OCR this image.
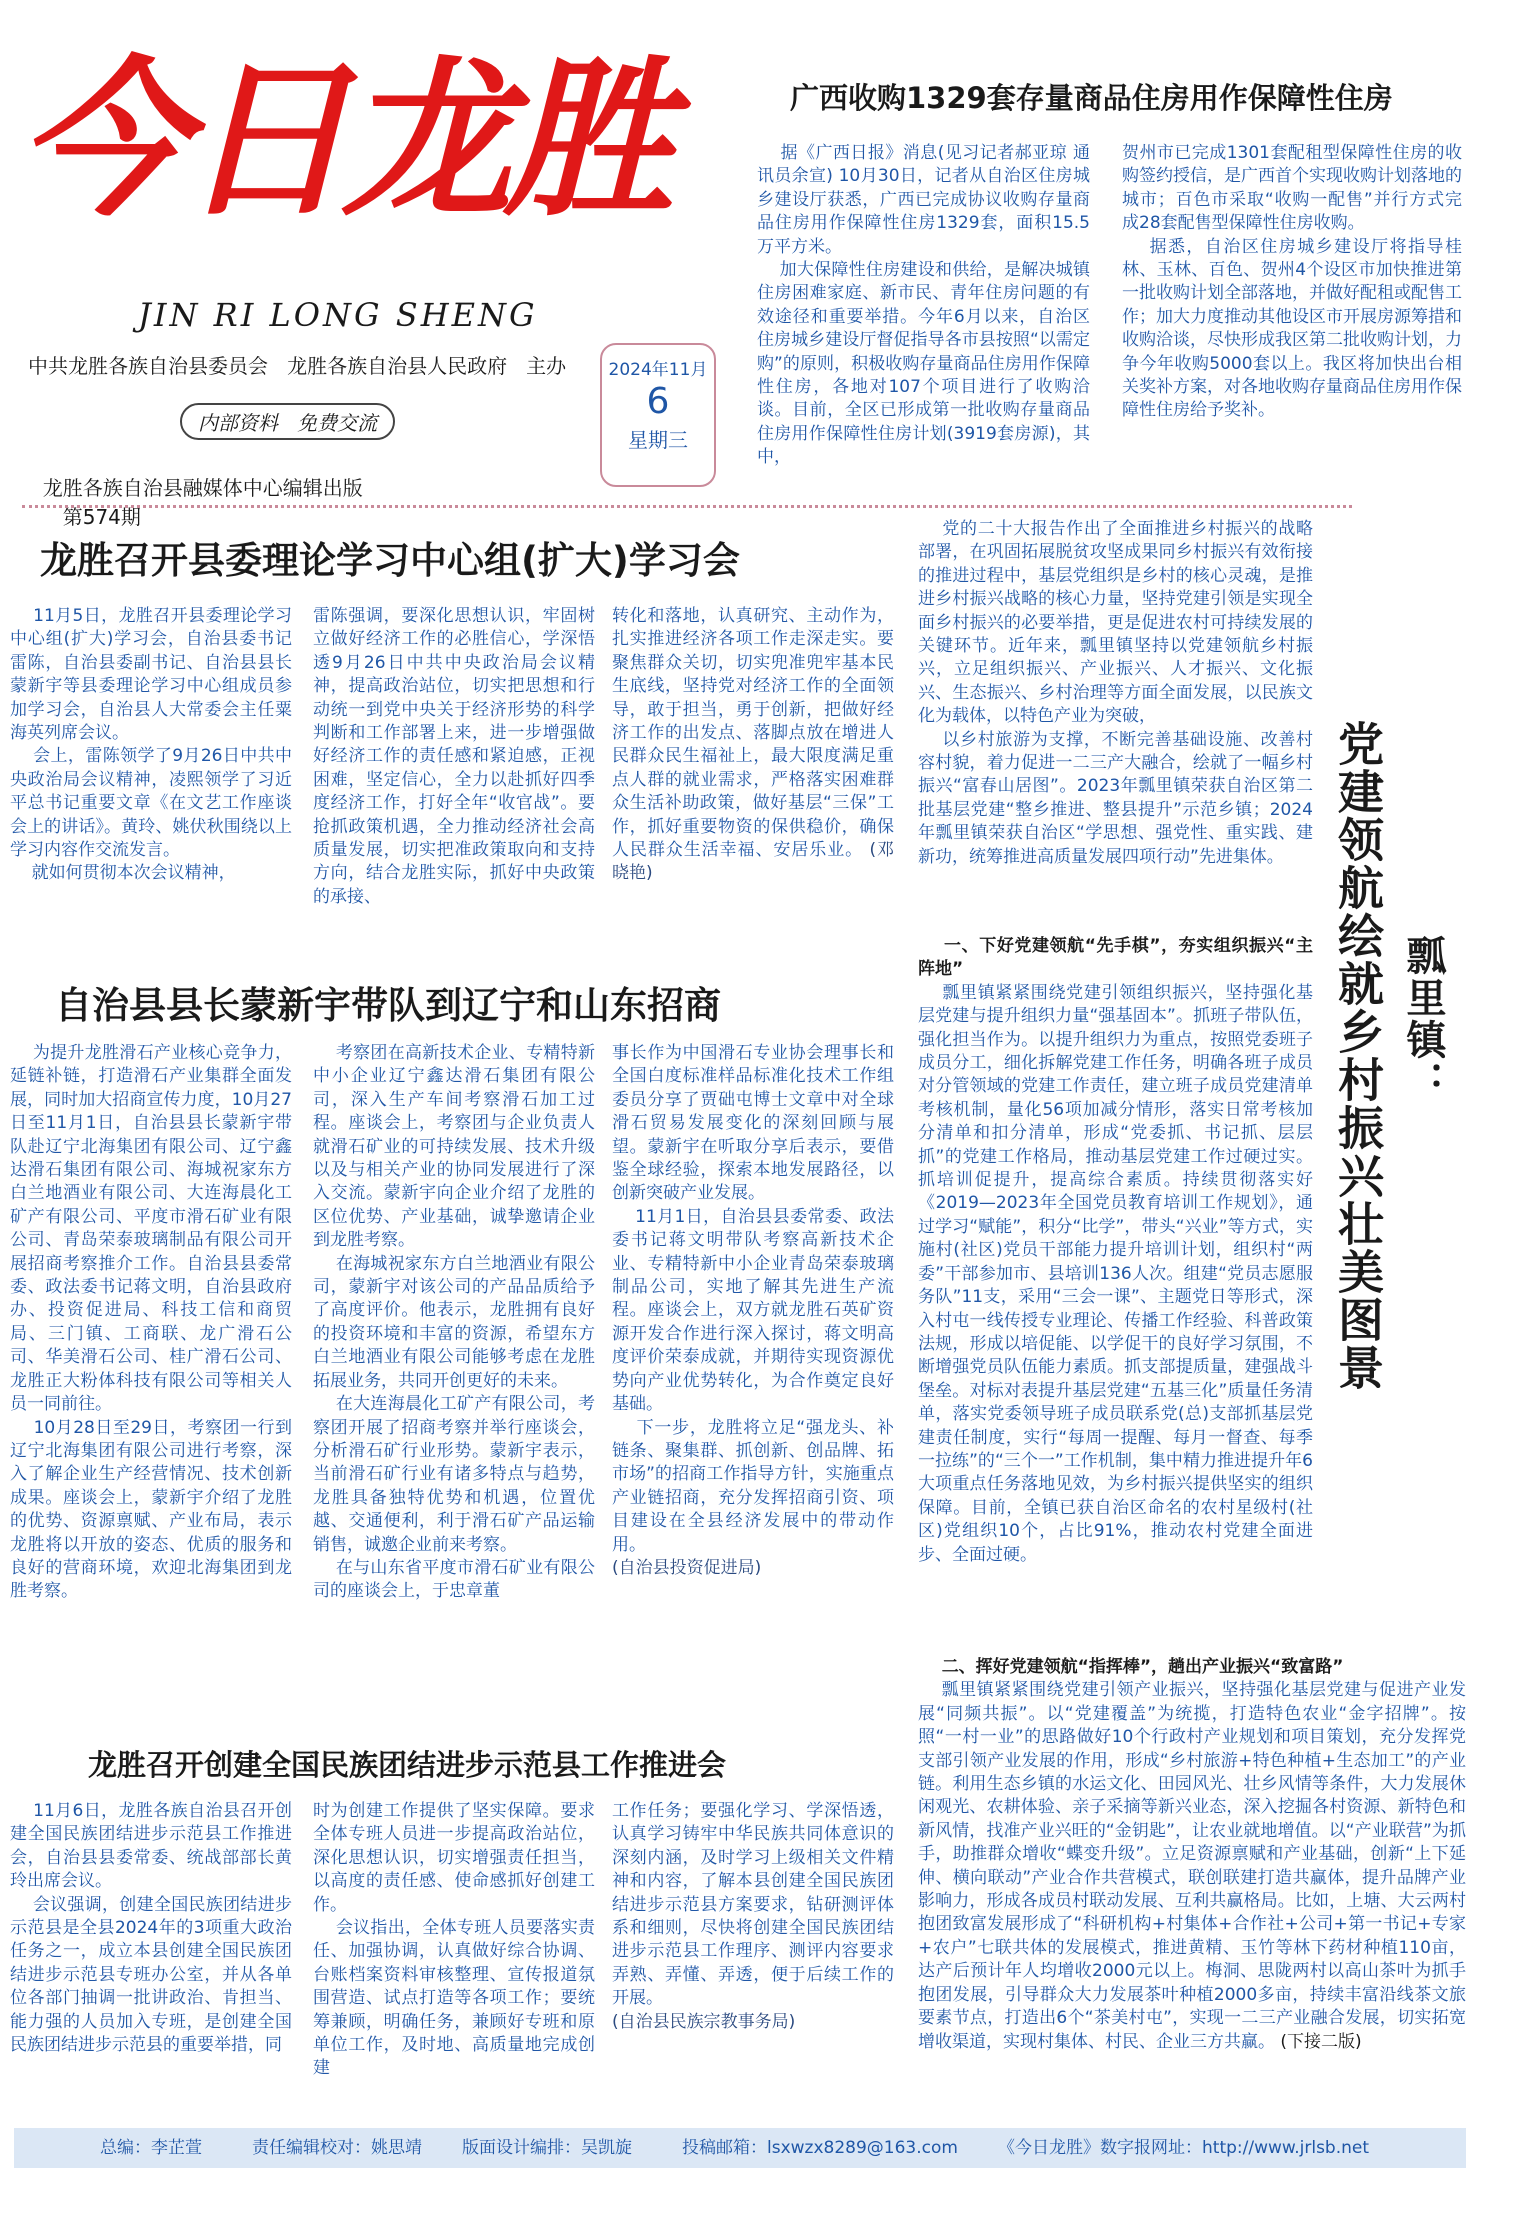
今日龙胜
JIN RI LONG SHENG
中共龙胜各族自治县委员会   龙胜各族自治县人民政府   主办
内部资料   免费交流

龙胜各族自治县融媒体中心编辑出版
第574期

2024年11月
6
星期三
广西收购1329套存量商品住房用作保障性住房
据《广西日报》消息(见习记者郝亚琼 通讯员余宣) 10月30日，记者从自治区住房城乡建设厅获悉，广西已完成协议收购存量商品住房用作保障性住房1329套，面积15.5万平方米。
加大保障性住房建设和供给，是解决城镇住房困难家庭、新市民、青年住房问题的有效途径和重要举措。今年6月以来，自治区住房城乡建设厅督促指导各市县按照“以需定购”的原则，积极收购存量商品住房用作保障性住房，各地对107个项目进行了收购洽谈。目前，全区已形成第一批收购存量商品住房用作保障性住房计划(3919套房源)，其中，
贺州市已完成1301套配租型保障性住房的收购签约授信，是广西首个实现收购计划落地的城市；百色市采取“收购一配售”并行方式完成28套配售型保障性住房收购。
据悉，自治区住房城乡建设厅将指导桂林、玉林、百色、贺州4个设区市加快推进第一批收购计划全部落地，并做好配租或配售工作；加大力度推动其他设区市开展房源筹措和收购洽谈，尽快形成我区第二批收购计划，力争今年收购5000套以上。我区将加快出台相关奖补方案，对各地收购存量商品住房用作保障性住房给予奖补。
龙胜召开县委理论学习中心组(扩大)学习会
11月5日，龙胜召开县委理论学习中心组(扩大)学习会，自治县委书记雷陈，自治县委副书记、自治县县长蒙新宇等县委理论学习中心组成员参加学习会，自治县人大常委会主任粟海英列席会议。
会上，雷陈领学了9月26日中共中央政治局会议精神，凌熙领学了习近平总书记重要文章《在文艺工作座谈会上的讲话》。黄玲、姚伏秋围绕以上学习内容作交流发言。
就如何贯彻本次会议精神，
雷陈强调，要深化思想认识，牢固树立做好经济工作的必胜信心，学深悟透9月26日中共中央政治局会议精神，提高政治站位，切实把思想和行动统一到党中央关于经济形势的科学判断和工作部署上来，进一步增强做好经济工作的责任感和紧迫感，正视困难，坚定信心，全力以赴抓好四季度经济工作，打好全年“收官战”。要抢抓政策机遇，全力推动经济社会高质量发展，切实把准政策取向和支持方向，结合龙胜实际，抓好中央政策的承接、
转化和落地，认真研究、主动作为，扎实推进经济各项工作走深走实。要聚焦群众关切，切实兜准兜牢基本民生底线，坚持党对经济工作的全面领导，敢于担当，勇于创新，把做好经济工作的出发点、落脚点放在增进人民群众民生福祉上，最大限度满足重点人群的就业需求，严格落实困难群众生活补助政策，做好基层“三保”工作，抓好重要物资的保供稳价，确保人民群众生活幸福、安居乐业。 (邓晓艳)
自治县县长蒙新宇带队到辽宁和山东招商
为提升龙胜滑石产业核心竞争力，延链补链，打造滑石产业集群全面发展，同时加大招商宣传力度，10月27日至11月1日，自治县县长蒙新宇带队赴辽宁北海集团有限公司、辽宁鑫达滑石集团有限公司、海城祝家东方白兰地酒业有限公司、大连海晨化工矿产有限公司、平度市滑石矿业有限公司、青岛荣泰玻璃制品有限公司开展招商考察推介工作。自治县县委常委、政法委书记蒋文明，自治县政府办、投资促进局、科技工信和商贸局、三门镇、工商联、龙广滑石公司、华美滑石公司、桂广滑石公司、龙胜正大粉体科技有限公司等相关人员一同前往。
10月28日至29日，考察团一行到辽宁北海集团有限公司进行考察，深入了解企业生产经营情况、技术创新成果。座谈会上，蒙新宇介绍了龙胜的优势、资源禀赋、产业布局，表示龙胜将以开放的姿态、优质的服务和良好的营商环境，欢迎北海集团到龙胜考察。
考察团在高新技术企业、专精特新中小企业辽宁鑫达滑石集团有限公司，深入生产车间考察滑石加工过程。座谈会上，考察团与企业负责人就滑石矿业的可持续发展、技术升级以及与相关产业的协同发展进行了深入交流。蒙新宇向企业介绍了龙胜的区位优势、产业基础，诚挚邀请企业到龙胜考察。
在海城祝家东方白兰地酒业有限公司，蒙新宇对该公司的产品品质给予了高度评价。他表示，龙胜拥有良好的投资环境和丰富的资源，希望东方白兰地酒业有限公司能够考虑在龙胜拓展业务，共同开创更好的未来。
在大连海晨化工矿产有限公司，考察团开展了招商考察并举行座谈会，分析滑石矿行业形势。蒙新宇表示，当前滑石矿行业有诸多特点与趋势，龙胜具备独特优势和机遇，位置优越、交通便利，利于滑石矿产品运输销售，诚邀企业前来考察。
在与山东省平度市滑石矿业有限公司的座谈会上，于忠章董
事长作为中国滑石专业协会理事长和全国白度标准样品标准化技术工作组委员分享了贾础屯博士文章中对全球滑石贸易发展变化的深刻回顾与展望。蒙新宇在听取分享后表示，要借鉴全球经验，探索本地发展路径，以创新突破产业发展。
11月1日，自治县县委常委、政法委书记蒋文明带队考察高新技术企业、专精特新中小企业青岛荣泰玻璃制品公司，实地了解其先进生产流程。座谈会上，双方就龙胜石英矿资源开发合作进行深入探讨，蒋文明高度评价荣泰成就，并期待实现资源优势向产业优势转化，为合作奠定良好基础。
下一步，龙胜将立足“强龙头、补链条、聚集群、抓创新、创品牌、拓市场”的招商工作指导方针，实施重点产业链招商，充分发挥招商引资、项目建设在全县经济发展中的带动作用。
(自治县投资促进局)
龙胜召开创建全国民族团结进步示范县工作推进会
11月6日，龙胜各族自治县召开创建全国民族团结进步示范县工作推进会，自治县县委常委、统战部部长黄玲出席会议。
会议强调，创建全国民族团结进步示范县是全县2024年的3项重大政治任务之一，成立本县创建全国民族团结进步示范县专班办公室，并从各单位各部门抽调一批讲政治、肯担当、能力强的人员加入专班，是创建全国民族团结进步示范县的重要举措，同
时为创建工作提供了坚实保障。要求全体专班人员进一步提高政治站位，深化思想认识，切实增强责任担当，以高度的责任感、使命感抓好创建工作。
会议指出，全体专班人员要落实责任、加强协调，认真做好综合协调、台账档案资料审核整理、宣传报道氛围营造、试点打造等各项工作；要统筹兼顾，明确任务，兼顾好专班和原单位工作，及时地、高质量地完成创建
工作任务；要强化学习、学深悟透，认真学习铸牢中华民族共同体意识的深刻内涵，及时学习上级相关文件精神和内容，了解本县创建全国民族团结进步示范县方案要求，钻研测评体系和细则，尽快将创建全国民族团结进步示范县工作理序、测评内容要求弄熟、弄懂、弄透，便于后续工作的开展。
(自治县民族宗教事务局)
党建领航绘就乡村振兴壮美图景 瓢里镇：
党的二十大报告作出了全面推进乡村振兴的战略部署，在巩固拓展脱贫攻坚成果同乡村振兴有效衔接的推进过程中，基层党组织是乡村的核心灵魂，是推进乡村振兴战略的核心力量，坚持党建引领是实现全面乡村振兴的必要举措，更是促进农村可持续发展的关键环节。近年来，瓢里镇坚持以党建领航乡村振兴，立足组织振兴、产业振兴、人才振兴、文化振兴、生态振兴、乡村治理等方面全面发展，以民族文化为载体，以特色产业为突破，
以乡村旅游为支撑，不断完善基础设施、改善村容村貌，着力促进一二三产大融合，绘就了一幅乡村振兴“富春山居图”。2023年瓢里镇荣获自治区第二批基层党建“整乡推进、整县提升”示范乡镇；2024年瓢里镇荣获自治区“学思想、强党性、重实践、建新功，统筹推进高质量发展四项行动”先进集体。
一、下好党建领航“先手棋”，夯实组织振兴“主阵地”
瓢里镇紧紧围绕党建引领组织振兴，坚持强化基层党建与提升组织力量“强基固本”。抓班子带队伍，强化担当作为。以提升组织力为重点，按照党委班子成员分工，细化拆解党建工作任务，明确各班子成员对分管领域的党建工作责任，建立班子成员党建清单考核机制，量化56项加减分情形，落实日常考核加分清单和扣分清单，形成“党委抓、书记抓、层层抓”的党建工作格局，推动基层党建工作过硬过实。抓培训促提升，提高综合素质。持续贯彻落实好《2019—2023年全国党员教育培训工作规划》，通过学习“赋能”，积分“比学”，带头“兴业”等方式，实施村(社区)党员干部能力提升培训计划，组织村“两委”干部参加市、县培训136人次。组建“党员志愿服务队”11支，采用“三会一课”、主题党日等形式，深入村屯一线传授专业理论、传播工作经验、科普政策法规，形成以培促能、以学促干的良好学习氛围，不断增强党员队伍能力素质。抓支部提质量，建强战斗堡垒。对标对表提升基层党建“五基三化”质量任务清单，落实党委领导班子成员联系党(总)支部抓基层党建责任制度，实行“每周一提醒、每月一督查、每季一拉练”的“三个一”工作机制，集中精力推进提升年6大项重点任务落地见效，为乡村振兴提供坚实的组织保障。目前，全镇已获自治区命名的农村星级村(社区)党组织10个，占比91%，推动农村党建全面进步、全面过硬。
二、挥好党建领航“指挥棒”，趟出产业振兴“致富路”
瓢里镇紧紧围绕党建引领产业振兴，坚持强化基层党建与促进产业发展“同频共振”。以“党建覆盖”为统揽，打造特色农业“金字招牌”。按照“一村一业”的思路做好10个行政村产业规划和项目策划，充分发挥党支部引领产业发展的作用，形成“乡村旅游+特色种植+生态加工”的产业链。利用生态乡镇的水运文化、田园风光、壮乡风情等条件，大力发展休闲观光、农耕体验、亲子采摘等新兴业态，深入挖掘各村资源、新特色和新风情，找准产业兴旺的“金钥匙”，让农业就地增值。以“产业联营”为抓手，助推群众增收“蝶变升级”。立足资源禀赋和产业基础，创新“上下延伸、横向联动”产业合作共营模式，联创联建打造共赢体，提升品牌产业影响力，形成各成员村联动发展、互利共赢格局。比如，上塘、大云两村抱团致富发展形成了“科研机构+村集体+合作社+公司+第一书记+专家+农户”七联共体的发展模式，推进黄精、玉竹等林下药材种植110亩，达产后预计年人均增收2000元以上。梅洞、思陇两村以高山茶叶为抓手抱团发展，引导群众大力发展茶叶种植2000多亩，持续丰富沿线茶文旅要素节点，打造出6个“茶美村屯”，实现一二三产业融合发展，切实拓宽增收渠道，实现村集体、村民、企业三方共赢。 (下接二版)
总编：李芷萱	责任编辑校对：姚思靖 版面设计编排：吴凯旋	投稿邮箱：lsxwzx8289@163.com 《今日龙胜》数字报网址：http://www.jrlsb.net
